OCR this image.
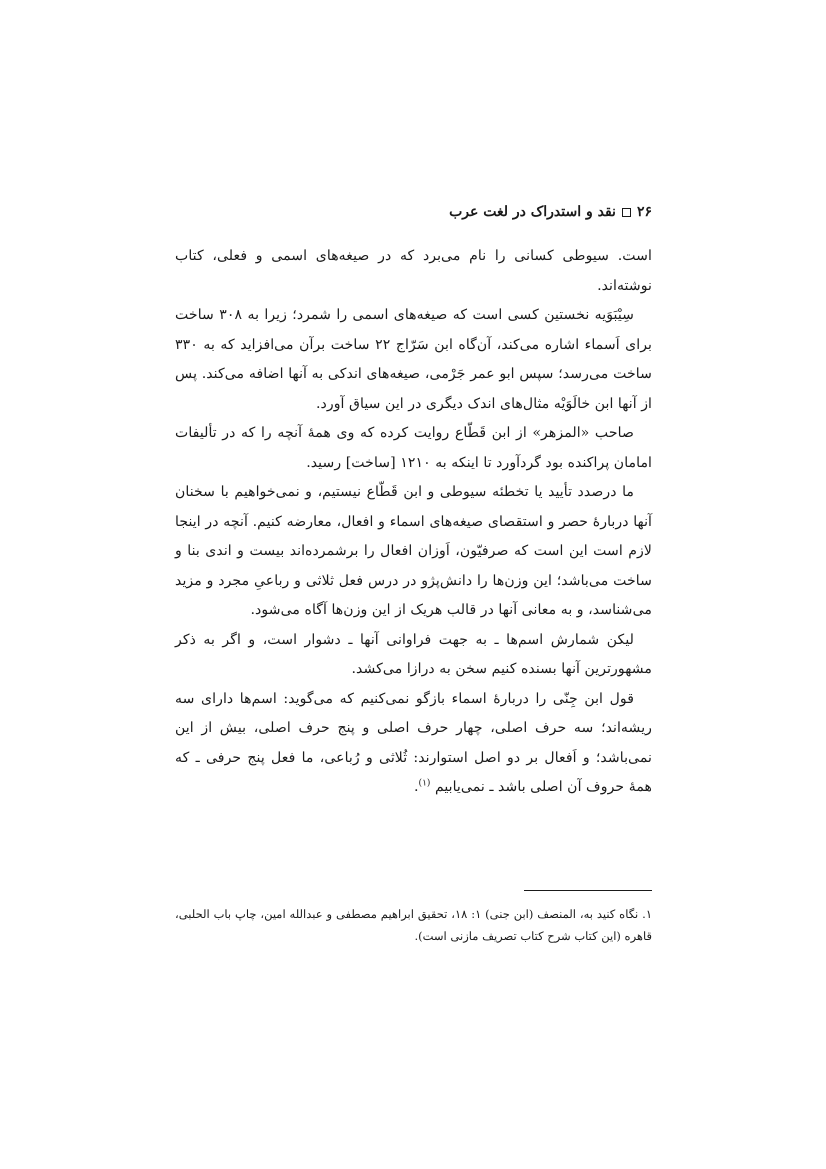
۲۶
نقد و استدراک در لغت عرب

است. سیوطی کسانی را نام می‌برد که در صیغه‌های اسمی و فعلی، کتاب نوشته‌اند.

سِیْبَوَیه نخستین کسی است که صیغه‌های اسمی را شمرد؛ زیرا به ۳۰۸ ساخت برای اَسماء اشاره می‌کند، آن‌گاه ابن سَرّاج ۲۲ ساخت برآن می‌افزاید که به ۳۳۰ ساخت می‌رسد؛ سپس ابو عمر جَرْمی، صیغه‌های اندکی به آنها اضافه می‌کند. پس از آنها ابن خالَوَیْه مثال‌های اندک دیگری در این سیاق آورد.

صاحب «المزهر» از ابن قَطّاع روایت کرده که وی همهٔ آنچه را که در تألیفات امامان پراکنده بود گردآورد تا اینکه به ۱۲۱۰ [ساخت] رسید.

ما درصدد تأیید یا تخطئه سیوطی و ابن قَطّاع نیستیم، و نمی‌خواهیم با سخنان آنها دربارهٔ حصر و استقصای صیغه‌های اسماء و افعال، معارضه کنیم. آنچه در اینجا لازم است این است که صرفیّون، اَوزان افعال را برشمرده‌اند بیست و اندی بنا و ساخت می‌باشد؛ این وزن‌ها را دانش‌پژو در درس فعل ثلاثی و رباعیِ مجرد و مزید می‌شناسد، و به معانی آنها در قالب هریک از این وزن‌ها آگاه می‌شود.

لیکن شمارش اسم‌ها ـ به جهت فراوانی آنها ـ دشوار است، و اگر به ذکر مشهورترین آنها بسنده کنیم سخن به درازا می‌کشد.

قول ابن جِنّی را دربارهٔ اسماء بازگو نمی‌کنیم که می‌گوید: اسم‌ها دارای سه ریشه‌اند؛ سه حرف اصلی، چهار حرف اصلی و پنج حرف اصلی، بیش از این نمی‌باشد؛ و اَفعال بر دو اصل استوارند: ثُلاثی و رُباعی، ما فعل پنج حرفی ـ که همهٔ حروف آن اصلی باشد ـ نمی‌یابیم $^{(۱)}$.

۱. نگاه کنید به، المنصف (ابن جنی) ۱: ۱۸، تحقیق ابراهیم مصطفی و عبدالله امین، چاپ باب الحلبی، قاهره (این کتاب شرح کتاب تصریف مازنی است).
